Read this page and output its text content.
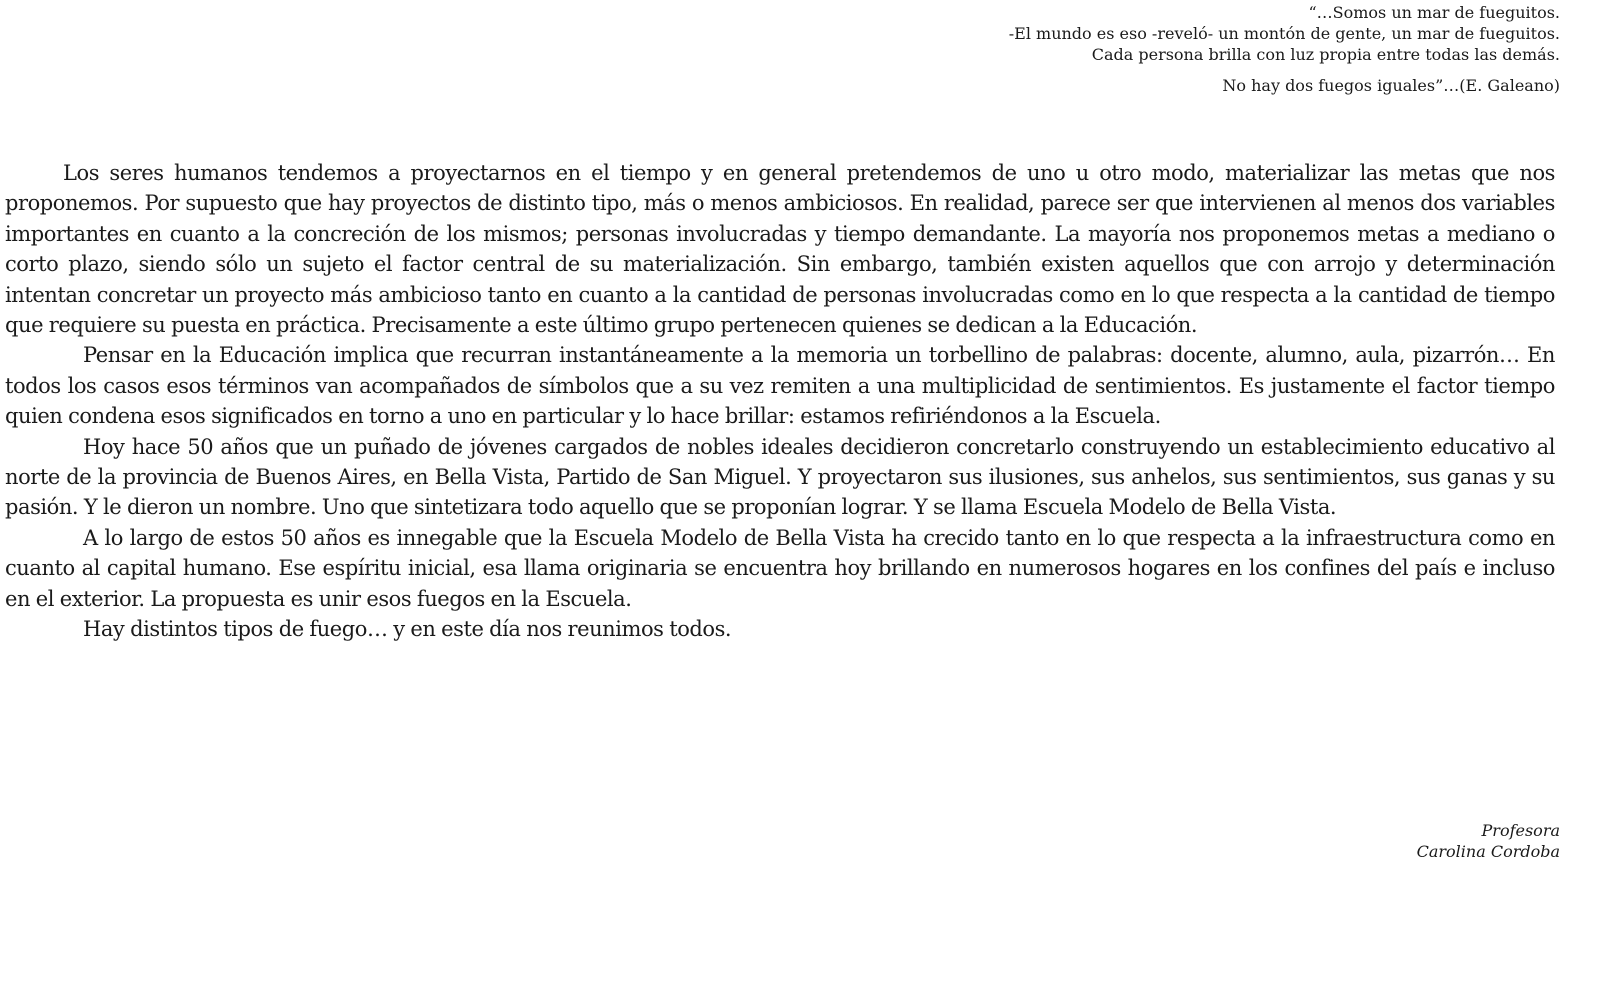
“…Somos un mar de fueguitos.
-El mundo es eso -reveló- un montón de gente, un mar de fueguitos.
Cada persona brilla con luz propia entre todas las demás.
No hay dos fuegos iguales”…(E. Galeano)

Los seres humanos tendemos a proyectarnos en el tiempo y en general pretendemos de uno u otro modo, materializar las metas que nos proponemos. Por supuesto que hay proyectos de distinto tipo, más o menos ambiciosos. En realidad, parece ser que intervienen al menos dos variables importantes en cuanto a la concreción de los mismos; personas involucradas y tiempo demandante. La mayoría nos proponemos metas a mediano o corto plazo, siendo sólo un sujeto el factor central de su materialización. Sin embargo, también existen aquellos que con arrojo y determinación intentan concretar un proyecto más ambicioso tanto en cuanto a la cantidad de personas involucradas como en lo que respecta a la cantidad de tiempo que requiere su puesta en práctica. Precisamente a este último grupo pertenecen quienes se dedican a la Educación.

Pensar en la Educación implica que recurran instantáneamente a la memoria un torbellino de palabras: docente, alumno, aula, pizarrón… En todos los casos esos términos van acompañados de símbolos que a su vez remiten a una multiplicidad de sentimientos. Es justamente el factor tiempo quien condena esos significados en torno a uno en particular y lo hace brillar: estamos refiriéndonos a la Escuela.

Hoy hace 50 años que un puñado de jóvenes cargados de nobles ideales decidieron concretarlo construyendo un establecimiento educativo al norte de la provincia de Buenos Aires, en Bella Vista, Partido de San Miguel. Y proyectaron sus ilusiones, sus anhelos, sus sentimientos, sus ganas y su pasión. Y le dieron un nombre. Uno que sintetizara todo aquello que se proponían lograr. Y se llama Escuela Modelo de Bella Vista.

A lo largo de estos 50 años es innegable que la Escuela Modelo de Bella Vista ha crecido tanto en lo que respecta a la infraestructura como en cuanto al capital humano. Ese espíritu inicial, esa llama originaria se encuentra hoy brillando en numerosos hogares en los confines del país e incluso en el exterior. La propuesta es unir esos fuegos en la Escuela.

Hay distintos tipos de fuego… y en este día nos reunimos todos.

Profesora
Carolina Cordoba
